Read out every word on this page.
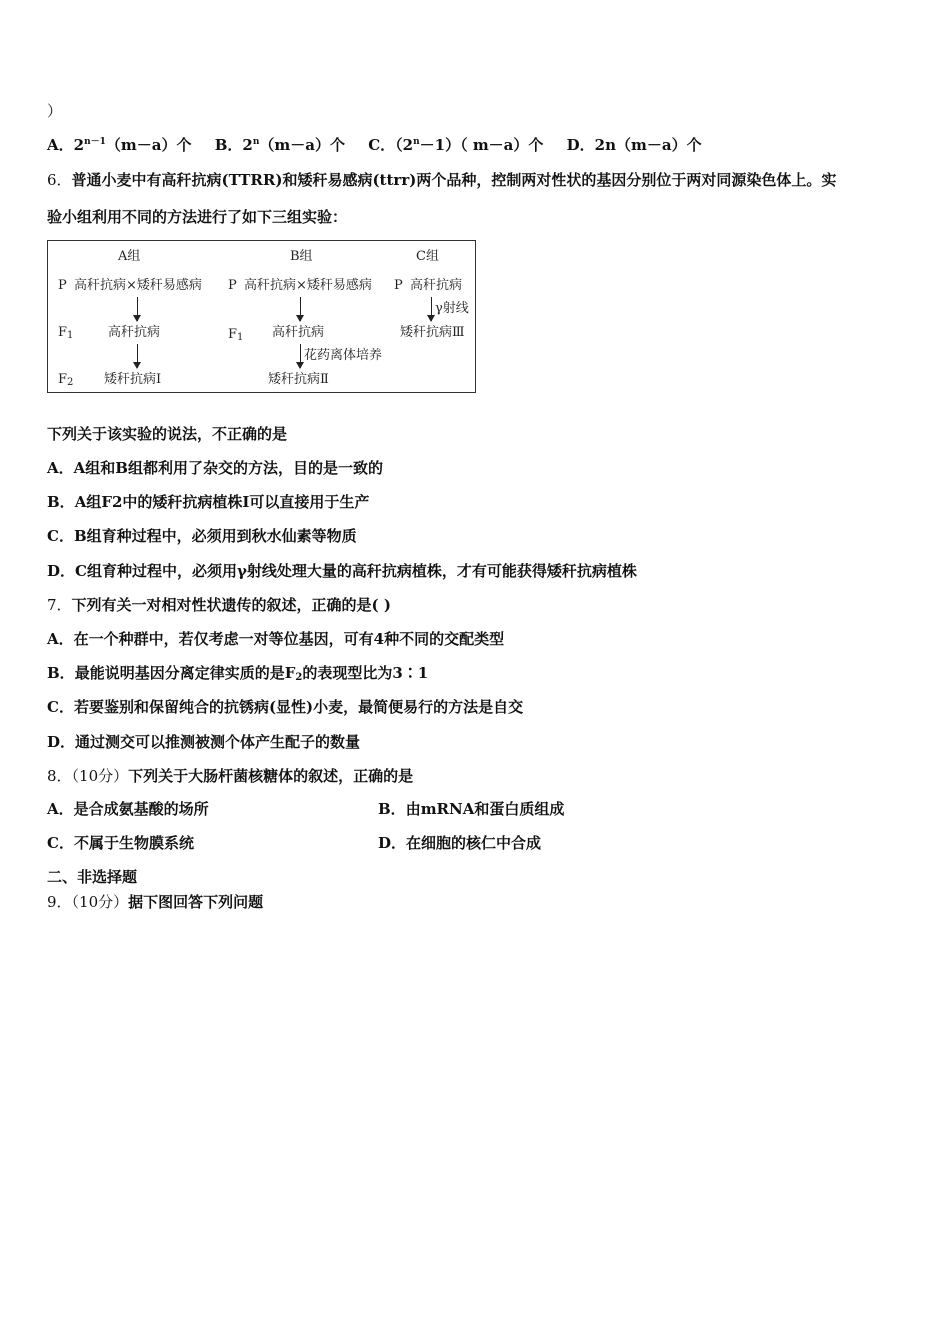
）
A．$2^{n-1}(m-a)$个 B．$2^n(m-a)$个 C．$(2^n-1)$（ m－a）个 D．2n（m－a）个
6．普通小麦中有高秆抗病(TTRR)和矮秆易感病(ttrr)两个品种，控制两对性状的基因分别位于两对同源染色体上。实
验小组利用不同的方法进行了如下三组实验：
A组	B组	C组
P 高秆抗病×矮秆易感病
$F_1$	高秆抗病
$F_2$ 矮秆抗病Ⅰ
P 高秆抗病×矮秆易感病
$F_1$ 高秆抗病
花药离体培养
矮秆抗病Ⅱ
P 高秆抗病
γ射线
矮秆抗病Ⅲ
下列关于该实验的说法，不正确的是
A．A组和B组都利用了杂交的方法，目的是一致的
B．A组F2中的矮秆抗病植株Ⅰ可以直接用于生产
C．B组育种过程中，必须用到秋水仙素等物质
D．C组育种过程中，必须用γ射线处理大量的高秆抗病植株，才有可能获得矮秆抗病植株
7．下列有关一对相对性状遗传的叙述，正确的是( )
A．在一个种群中，若仅考虑一对等位基因，可有4种不同的交配类型
B．最能说明基因分离定律实质的是$F_2$的表现型比为3∶1
C．若要鉴别和保留纯合的抗锈病(显性)小麦，最简便易行的方法是自交
D．通过测交可以推测被测个体产生配子的数量
8．（10分）下列关于大肠杆菌核糖体的叙述，正确的是
A．是合成氨基酸的场所	B．由mRNA和蛋白质组成
C．不属于生物膜系统	D．在细胞的核仁中合成
二、非选择题
9．（10分）据下图回答下列问题
